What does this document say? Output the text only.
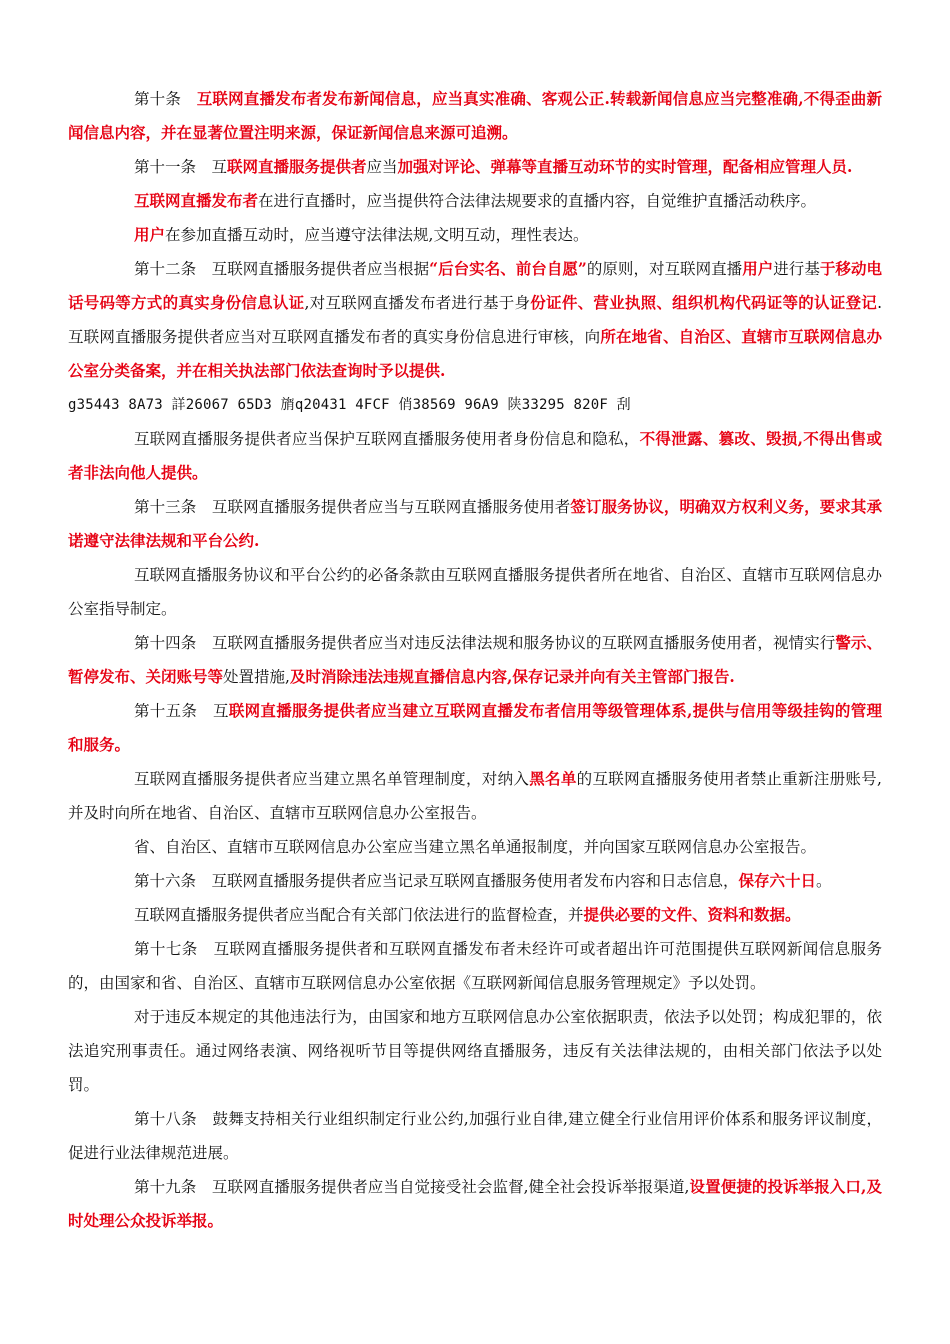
第十条　互联网直播发布者发布新闻信息，应当真实准确、客观公正.转载新闻信息应当完整准确,不得歪曲新闻信息内容，并在显著位置注明来源，保证新闻信息来源可追溯。

第十一条　互联网直播服务提供者应当加强对评论、弹幕等直播互动环节的实时管理，配备相应管理人员.

互联网直播发布者在进行直播时，应当提供符合法律法规要求的直播内容，自觉维护直播活动秩序。

用户在参加直播互动时，应当遵守法律法规,文明互动，理性表达。

第十二条　互联网直播服务提供者应当根据“后台实名、前台自愿”的原则，对互联网直播用户进行基于移动电话号码等方式的真实身份信息认证,对互联网直播发布者进行基于身份证件、营业执照、组织机构代码证等的认证登记.互联网直播服务提供者应当对互联网直播发布者的真实身份信息进行审核，向所在地省、自治区、直辖市互联网信息办公室分类备案，并在相关执法部门依法查询时予以提供.

g35443 8A73 詳26067 65D3 旓q20431 4FCF 俏38569 96A9 陕33295 820F 刮

互联网直播服务提供者应当保护互联网直播服务使用者身份信息和隐私，不得泄露、篡改、毁损,不得出售或者非法向他人提供。

第十三条　互联网直播服务提供者应当与互联网直播服务使用者签订服务协议，明确双方权利义务，要求其承诺遵守法律法规和平台公约.

互联网直播服务协议和平台公约的必备条款由互联网直播服务提供者所在地省、自治区、直辖市互联网信息办公室指导制定。

第十四条　互联网直播服务提供者应当对违反法律法规和服务协议的互联网直播服务使用者，视情实行警示、暂停发布、关闭账号等处置措施,及时消除违法违规直播信息内容,保存记录并向有关主管部门报告.

第十五条　互联网直播服务提供者应当建立互联网直播发布者信用等级管理体系,提供与信用等级挂钩的管理和服务。

互联网直播服务提供者应当建立黑名单管理制度，对纳入黑名单的互联网直播服务使用者禁止重新注册账号,并及时向所在地省、自治区、直辖市互联网信息办公室报告。

省、自治区、直辖市互联网信息办公室应当建立黑名单通报制度，并向国家互联网信息办公室报告。

第十六条　互联网直播服务提供者应当记录互联网直播服务使用者发布内容和日志信息，保存六十日。

互联网直播服务提供者应当配合有关部门依法进行的监督检查，并提供必要的文件、资料和数据。

第十七条　互联网直播服务提供者和互联网直播发布者未经许可或者超出许可范围提供互联网新闻信息服务的，由国家和省、自治区、直辖市互联网信息办公室依据《互联网新闻信息服务管理规定》予以处罚。

对于违反本规定的其他违法行为，由国家和地方互联网信息办公室依据职责，依法予以处罚；构成犯罪的，依法追究刑事责任。通过网络表演、网络视听节目等提供网络直播服务，违反有关法律法规的，由相关部门依法予以处罚。

第十八条　鼓舞支持相关行业组织制定行业公约,加强行业自律,建立健全行业信用评价体系和服务评议制度，促进行业法律规范进展。

第十九条　互联网直播服务提供者应当自觉接受社会监督,健全社会投诉举报渠道,设置便捷的投诉举报入口,及时处理公众投诉举报。
